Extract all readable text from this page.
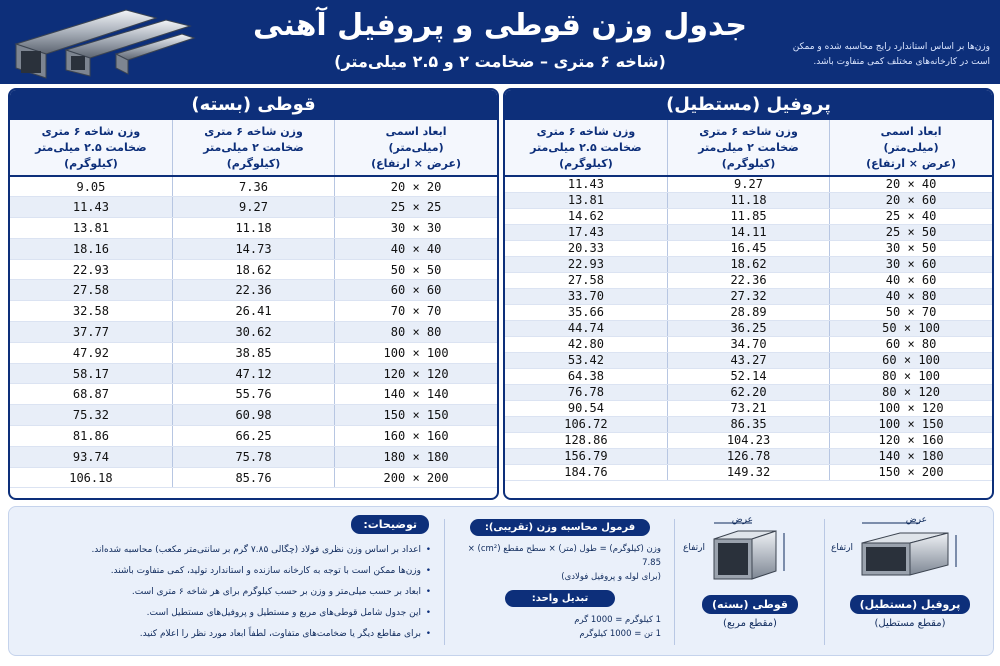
جدول وزن قوطی و پروفیل آهنی
(شاخه ۶ متری – ضخامت ۲ و ۲.۵ میلی‌متر)
وزن‌ها بر اساس استاندارد رایج محاسبه شده و ممکن است در کارخانه‌های مختلف کمی متفاوت باشد.
پروفیل (مستطیل)
ابعاد اسمی
(میلی‌متر)
(عرض × ارتفاع)	وزن شاخه ۶ متری
ضخامت ۲ میلی‌متر
(کیلوگرم)	وزن شاخه ۶ متری
ضخامت ۲.۵ میلی‌متر
(کیلوگرم)
40 × 20	9.27	11.43
60 × 20	11.18	13.81
40 × 25	11.85	14.62
50 × 25	14.11	17.43
50 × 30	16.45	20.33
60 × 30	18.62	22.93
60 × 40	22.36	27.58
80 × 40	27.32	33.70
70 × 50	28.89	35.66
100 × 50	36.25	44.74
80 × 60	34.70	42.80
100 × 60	43.27	53.42
100 × 80	52.14	64.38
120 × 80	62.20	76.78
120 × 100	73.21	90.54
150 × 100	86.35	106.72
160 × 120	104.23	128.86
180 × 140	126.78	156.79
200 × 150	149.32	184.76
قوطی (بسته)
ابعاد اسمی
(میلی‌متر)
(عرض × ارتفاع)	وزن شاخه ۶ متری
ضخامت ۲ میلی‌متر
(کیلوگرم)	وزن شاخه ۶ متری
ضخامت ۲.۵ میلی‌متر
(کیلوگرم)
20 × 20	7.36	9.05
25 × 25	9.27	11.43
30 × 30	11.18	13.81
40 × 40	14.73	18.16
50 × 50	18.62	22.93
60 × 60	22.36	27.58
70 × 70	26.41	32.58
80 × 80	30.62	37.77
100 × 100	38.85	47.92
120 × 120	47.12	58.17
140 × 140	55.76	68.87
150 × 150	60.98	75.32
160 × 160	66.25	81.86
180 × 180	75.78	93.74
200 × 200	85.76	106.18
عرض
ارتفاع
پروفیل (مستطیل)
(مقطع مستطیل)
عرض
ارتفاع
قوطی (بسته)
(مقطع مربع)
فرمول محاسبه وزن (تقریبی):
وزن (کیلوگرم) = طول (متر) × سطح مقطع (cm²) × 7.85
(برای لوله و پروفیل فولادی)
تبدیل واحد:
1 کیلوگرم = 1000 گرم
1 تن = 1000 کیلوگرم
توضیحات:
• اعداد بر اساس وزن نظری فولاد (چگالی ۷.۸۵ گرم بر سانتی‌متر مکعب) محاسبه شده‌اند.
• وزن‌ها ممکن است با توجه به کارخانه سازنده و استاندارد تولید، کمی متفاوت باشند.
• ابعاد بر حسب میلی‌متر و وزن بر حسب کیلوگرم برای هر شاخه ۶ متری است.
• این جدول شامل قوطی‌های مربع و مستطیل و پروفیل‌های مستطیل است.
• برای مقاطع دیگر یا ضخامت‌های متفاوت، لطفاً ابعاد مورد نظر را اعلام کنید.
